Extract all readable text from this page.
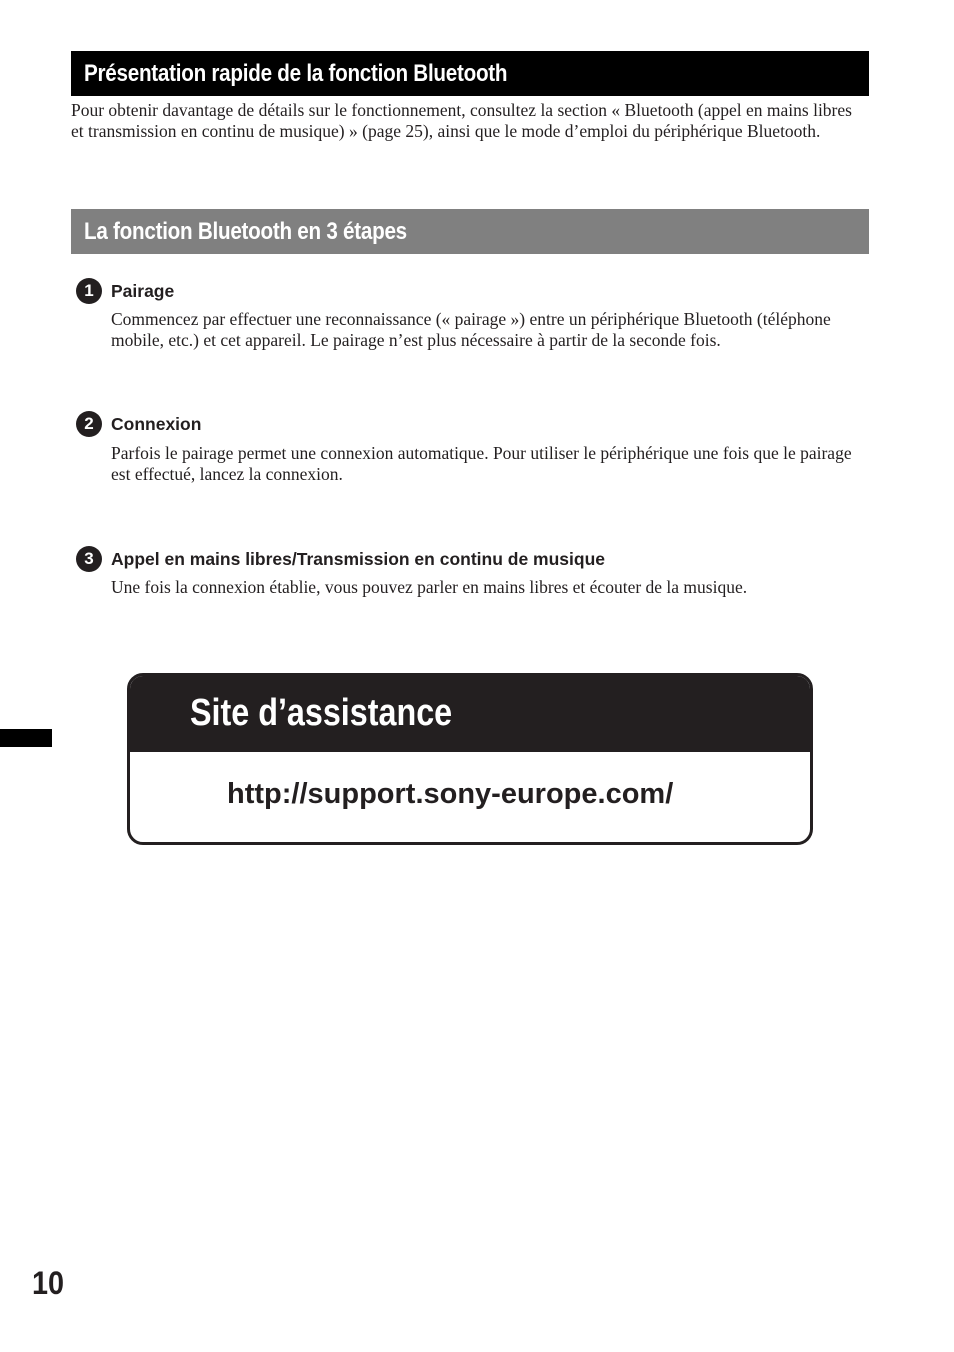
Présentation rapide de la fonction Bluetooth
Pour obtenir davantage de détails sur le fonctionnement, consultez la section « Bluetooth (appel en mains libres et transmission en continu de musique) » (page 25), ainsi que le mode d’emploi du périphérique Bluetooth.
La fonction Bluetooth en 3 étapes
1 Pairage
Commencez par effectuer une reconnaissance (« pairage ») entre un périphérique Bluetooth (téléphone mobile, etc.) et cet appareil. Le pairage n’est plus nécessaire à partir de la seconde fois.
2 Connexion
Parfois le pairage permet une connexion automatique. Pour utiliser le périphérique une fois que le pairage est effectué, lancez la connexion.
3 Appel en mains libres/Transmission en continu de musique
Une fois la connexion établie, vous pouvez parler en mains libres et écouter de la musique.
Site d’assistance
http://support.sony-europe.com/
10
